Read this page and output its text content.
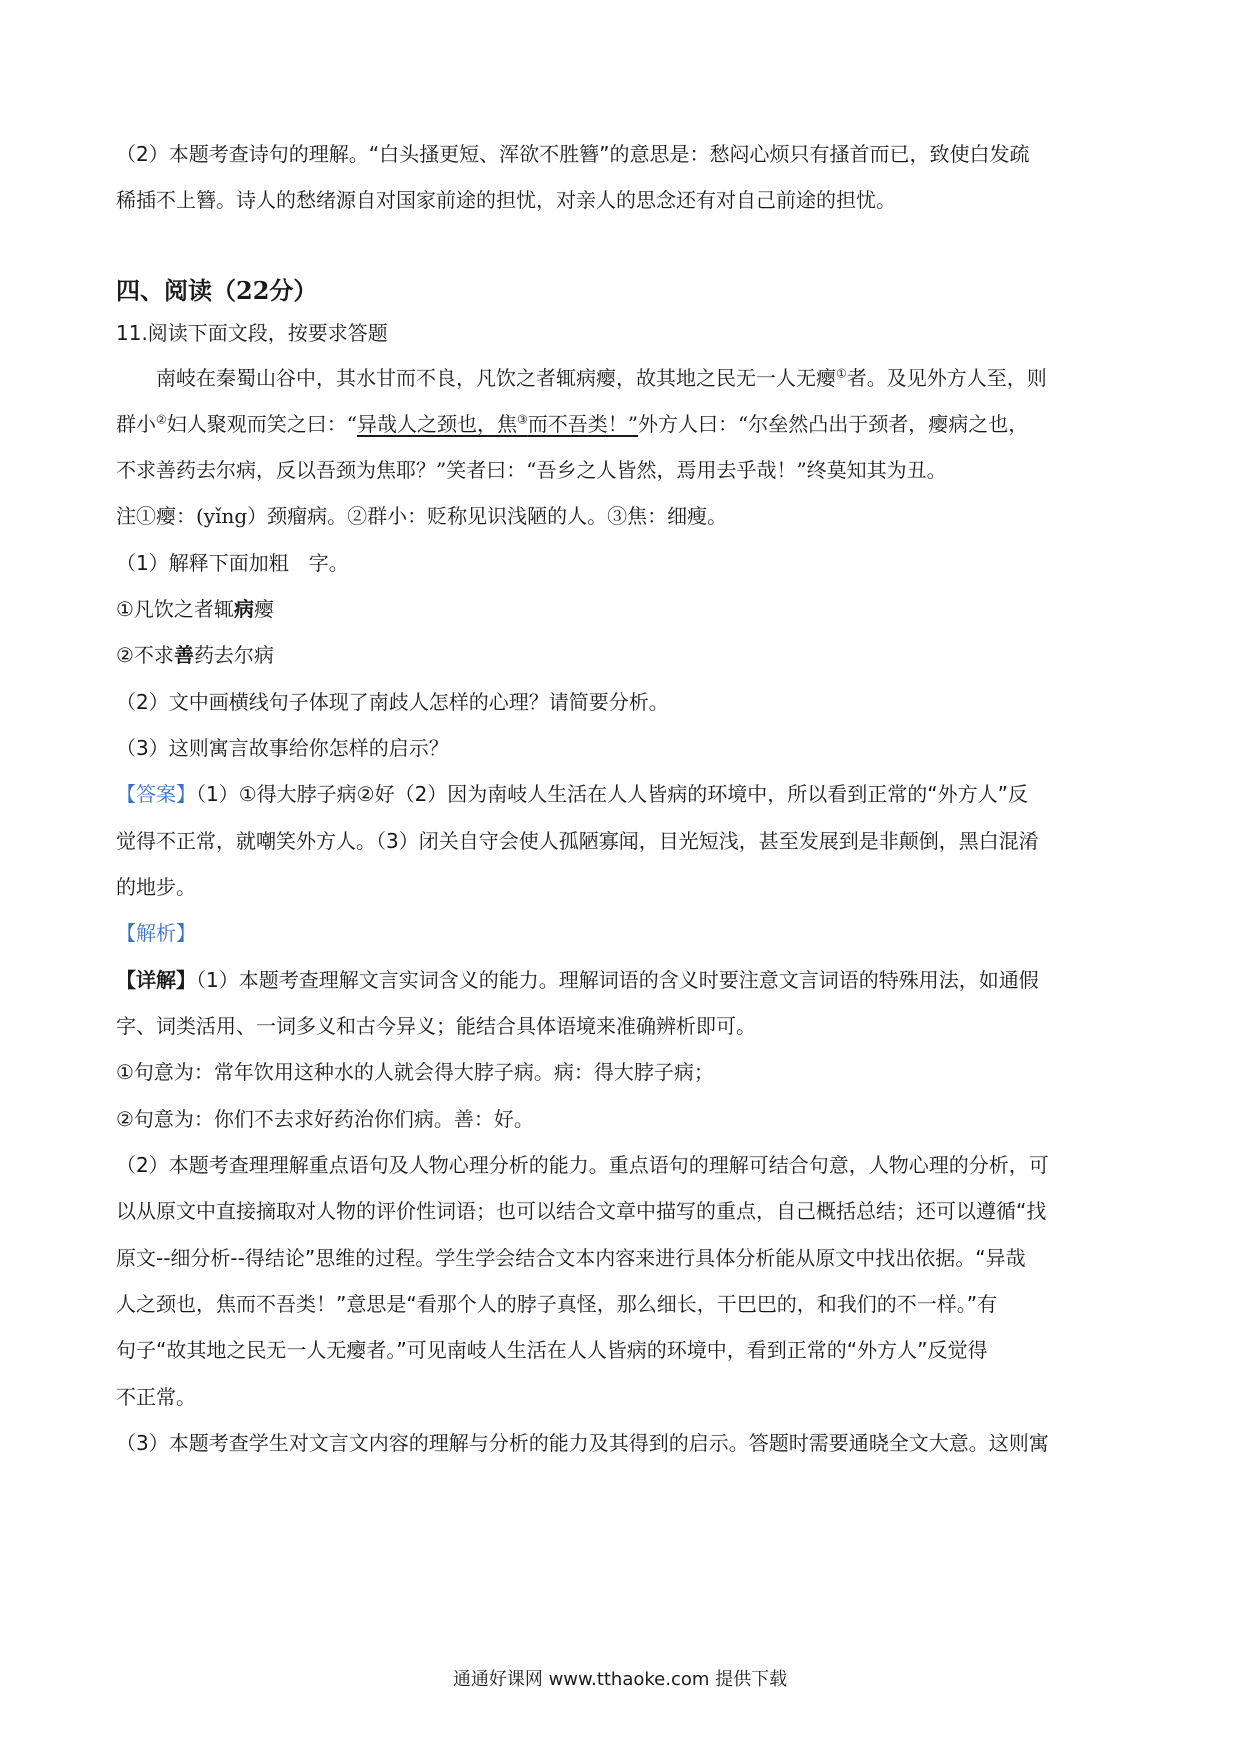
（2）本题考查诗句的理解。“白头搔更短、浑欲不胜簪”的意思是：愁闷心烦只有搔首而已，致使白发疏

稀插不上簪。诗人的愁绪源自对国家前途的担忧，对亲人的思念还有对自己前途的担忧。

四、阅读（22分）

11.阅读下面文段，按要求答题

南岐在秦蜀山谷中，其水甘而不良，凡饮之者辄病瘿，故其地之民无一人无瘿①者。及见外方人至，则

群小②妇人聚观而笑之曰：“异哉人之颈也，焦③而不吾类！”外方人曰：“尔垒然凸出于颈者，瘿病之也，

不求善药去尔病，反以吾颈为焦耶？”笑者曰：“吾乡之人皆然，焉用去乎哉！”终莫知其为丑。

注①瘿：(yǐng）颈瘤病。②群小：贬称见识浅陋的人。③焦：细瘦。

（1）解释下面加粗　字。

①凡饮之者辄病瘿

②不求善药去尔病

（2）文中画横线句子体现了南歧人怎样的心理？请简要分析。

（3）这则寓言故事给你怎样的启示？

【答案】（1）①得大脖子病②好（2）因为南岐人生活在人人皆病的环境中，所以看到正常的“外方人”反

觉得不正常，就嘲笑外方人。（3）闭关自守会使人孤陋寡闻，目光短浅，甚至发展到是非颠倒，黑白混淆

的地步。

【解析】

【详解】（1）本题考查理解文言实词含义的能力。理解词语的含义时要注意文言词语的特殊用法，如通假

字、词类活用、一词多义和古今异义；能结合具体语境来准确辨析即可。

①句意为：常年饮用这种水的人就会得大脖子病。病：得大脖子病；

②句意为：你们不去求好药治你们病。善：好。

（2）本题考查理理解重点语句及人物心理分析的能力。重点语句的理解可结合句意，人物心理的分析，可

以从原文中直接摘取对人物的评价性词语；也可以结合文章中描写的重点，自己概括总结；还可以遵循“找

原文--细分析--得结论”思维的过程。学生学会结合文本内容来进行具体分析能从原文中找出依据。“异哉

人之颈也，焦而不吾类！”意思是“看那个人的脖子真怪，那么细长，干巴巴的，和我们的不一样。”有

句子“故其地之民无一人无瘿者。”可见南岐人生活在人人皆病的环境中，看到正常的“外方人”反觉得

不正常。

（3）本题考查学生对文言文内容的理解与分析的能力及其得到的启示。答题时需要通晓全文大意。这则寓

通通好课网 www.tthaoke.com 提供下载
